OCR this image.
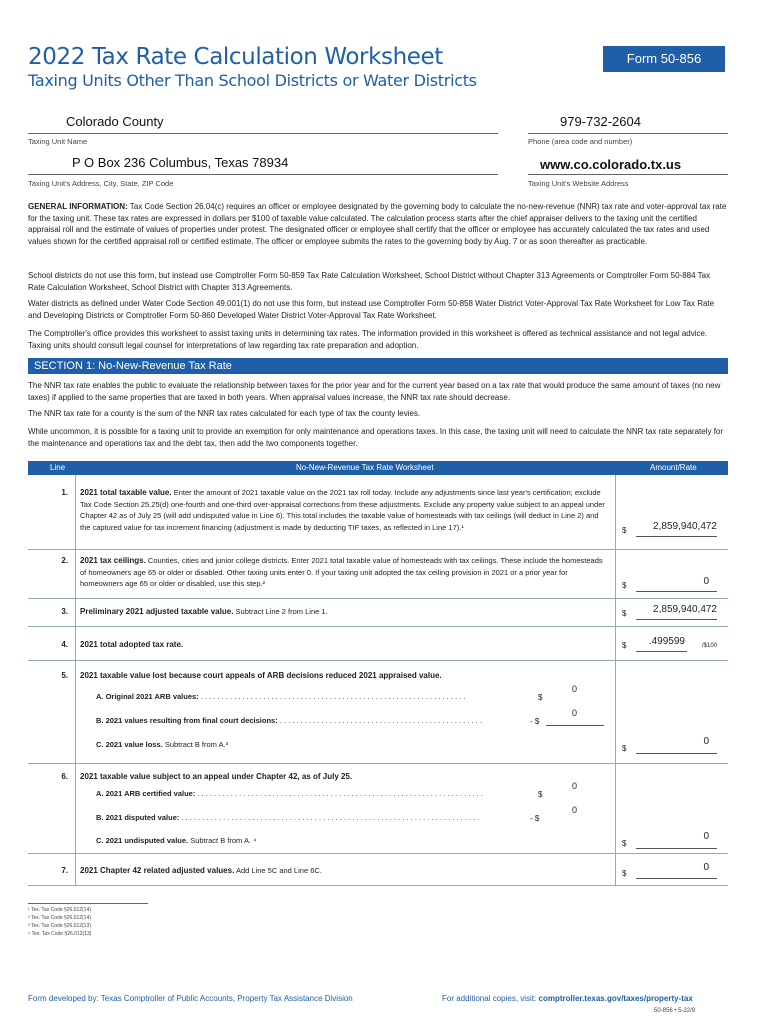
2022 Tax Rate Calculation Worksheet
Taxing Units Other Than School Districts or Water Districts
Form 50-856
Colorado County
Taxing Unit Name
979-732-2604
Phone (area code and number)
P O Box 236 Columbus, Texas 78934
Taxing Unit's Address, City, State, ZIP Code
www.co.colorado.tx.us
Taxing Unit's Website Address

GENERAL INFORMATION: Tax Code Section 26.04(c) requires an officer or employee designated by the governing body to calculate the no-new-revenue (NNR) tax rate and voter-approval tax rate for the taxing unit. These tax rates are expressed in dollars per $100 of taxable value calculated. The calculation process starts after the chief appraiser delivers to the taxing unit the certified appraisal roll and the estimate of values of properties under protest. The designated officer or employee shall certify that the officer or employee has accurately calculated the tax rates and used values shown for the certified appraisal roll or certified estimate. The officer or employee submits the rates to the governing body by Aug. 7 or as soon thereafter as practicable.

School districts do not use this form, but instead use Comptroller Form 50-859 Tax Rate Calculation Worksheet, School District without Chapter 313 Agreements or Comptroller Form 50-884 Tax Rate Calculation Worksheet, School District with Chapter 313 Agreements.

Water districts as defined under Water Code Section 49.001(1) do not use this form, but instead use Comptroller Form 50-858 Water District Voter-Approval Tax Rate Worksheet for Low Tax Rate and Developing Districts or Comptroller Form 50-860 Developed Water District Voter-Approval Tax Rate Worksheet.

The Comptroller's office provides this worksheet to assist taxing units in determining tax rates. The information provided in this worksheet is offered as technical assistance and not legal advice. Taxing units should consult legal counsel for interpretations of law regarding tax rate preparation and adoption.

SECTION 1: No-New-Revenue Tax Rate

The NNR tax rate enables the public to evaluate the relationship between taxes for the prior year and for the current year based on a tax rate that would produce the same amount of taxes (no new taxes) if applied to the same properties that are taxed in both years. When appraisal values increase, the NNR tax rate should decrease.

The NNR tax rate for a county is the sum of the NNR tax rates calculated for each type of tax the county levies.

While uncommon, it is possible for a taxing unit to provide an exemption for only maintenance and operations taxes. In this case, the taxing unit will need to calculate the NNR tax rate separately for the maintenance and operations tax and the debt tax, then add the two components together.

Line	No-New-Revenue Tax Rate Worksheet	Amount/Rate
1. 2021 total taxable value. Enter the amount of 2021 taxable value on the 2021 tax roll today. Include any adjustments since last year's certification; exclude Tax Code Section 25.25(d) one-fourth and one-third over-appraisal corrections from these adjustments. Exclude any property value subject to an appeal under Chapter 42 as of July 25 (will add undisputed value in Line 6). This total includes the taxable value of homesteads with tax ceilings (will deduct in Line 2) and the captured value for tax increment financing (adjustment is made by deducting TIF taxes, as reflected in Line 17).¹	$	2,859,940,472
2. 2021 tax ceilings. Counties, cities and junior college districts. Enter 2021 total taxable value of homesteads with tax ceilings. These include the homesteads of homeowners age 65 or older or disabled. Other taxing units enter 0. If your taxing unit adopted the tax ceiling provision in 2021 or a prior year for homeowners age 65 or older or disabled, use this step.²	$	0
3. Preliminary 2021 adjusted taxable value. Subtract Line 2 from Line 1.	$	2,859,940,472
4. 2021 total adopted tax rate.	$ .499599	/$100
5. 2021 taxable value lost because court appeals of ARB decisions reduced 2021 appraised value.
A. Original 2021 ARB values: . . . . . . . . . . . . . . . . . . . . . . . . . . . . . . . . . . . . . . . . . . . . . . . . . . . . . . . . . . . . . . . .	$
0
B. 2021 values resulting from final court decisions: . . . . . . . . . . . . . . . . . . . . . . . . . . . . . . . . . . . . . . . . . . . . . . . . .	- $
0
C. 2021 value loss. Subtract B from A.³	$
0
6. 2021 taxable value subject to an appeal under Chapter 42, as of July 25.
A. 2021 ARB certified value: . . . . . . . . . . . . . . . . . . . . . . . . . . . . . . . . . . . . . . . . . . . . . . . . . . . . . . . . . . . . . . . . . . . . .	$
0
B. 2021 disputed value: . . . . . . . . . . . . . . . . . . . . . . . . . . . . . . . . . . . . . . . . . . . . . . . . . . . . . . . . . . . . . . . . . . . . . . . .	- $
0
C. 2021 undisputed value. Subtract B from A. ⁴	$
0
7. 2021 Chapter 42 related adjusted values. Add Line 5C and Line 6C.	$
0
¹ Tex. Tax Code §26.012(14)
² Tex. Tax Code §26.012(14)
³ Tex. Tax Code §26.012(13)
⁴ Tex. Tax Code §26.012(13)
Form developed by: Texas Comptroller of Public Accounts, Property Tax Assistance Division	For additional copies, visit: comptroller.texas.gov/taxes/property-tax
50-856 • 5-22/9
